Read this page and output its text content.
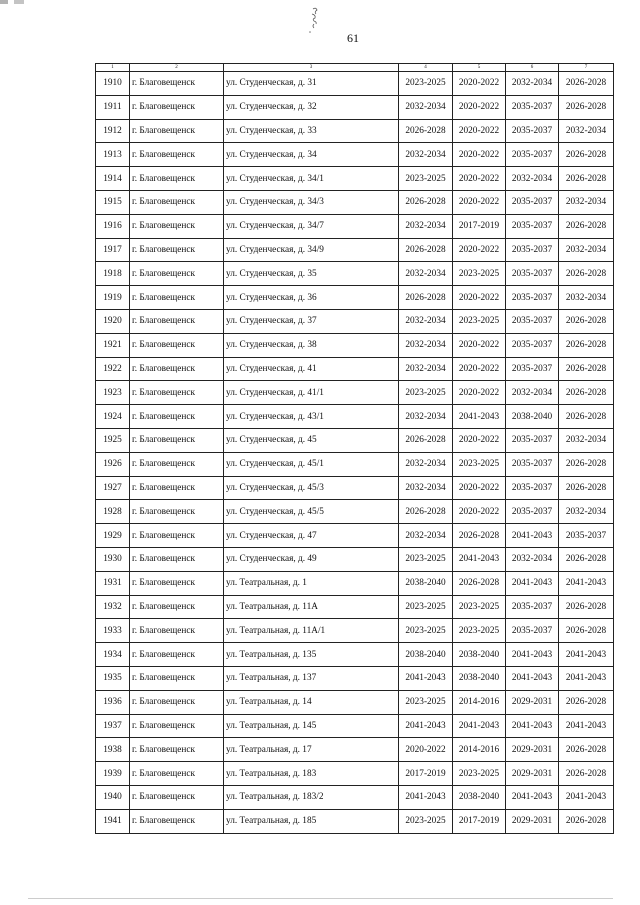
61
1	2	3	4	5	6	7
1910	г. Благовещенск	ул. Студенческая, д. 31	2023-2025	2020-2022	2032-2034	2026-2028
1911	г. Благовещенск	ул. Студенческая, д. 32	2032-2034	2020-2022	2035-2037	2026-2028
1912	г. Благовещенск	ул. Студенческая, д. 33	2026-2028	2020-2022	2035-2037	2032-2034
1913	г. Благовещенск	ул. Студенческая, д. 34	2032-2034	2020-2022	2035-2037	2026-2028
1914	г. Благовещенск	ул. Студенческая, д. 34/1	2023-2025	2020-2022	2032-2034	2026-2028
1915	г. Благовещенск	ул. Студенческая, д. 34/3	2026-2028	2020-2022	2035-2037	2032-2034
1916	г. Благовещенск	ул. Студенческая, д. 34/7	2032-2034	2017-2019	2035-2037	2026-2028
1917	г. Благовещенск	ул. Студенческая, д. 34/9	2026-2028	2020-2022	2035-2037	2032-2034
1918	г. Благовещенск	ул. Студенческая, д. 35	2032-2034	2023-2025	2035-2037	2026-2028
1919	г. Благовещенск	ул. Студенческая, д. 36	2026-2028	2020-2022	2035-2037	2032-2034
1920	г. Благовещенск	ул. Студенческая, д. 37	2032-2034	2023-2025	2035-2037	2026-2028
1921	г. Благовещенск	ул. Студенческая, д. 38	2032-2034	2020-2022	2035-2037	2026-2028
1922	г. Благовещенск	ул. Студенческая, д. 41	2032-2034	2020-2022	2035-2037	2026-2028
1923	г. Благовещенск	ул. Студенческая, д. 41/1	2023-2025	2020-2022	2032-2034	2026-2028
1924	г. Благовещенск	ул. Студенческая, д. 43/1	2032-2034	2041-2043	2038-2040	2026-2028
1925	г. Благовещенск	ул. Студенческая, д. 45	2026-2028	2020-2022	2035-2037	2032-2034
1926	г. Благовещенск	ул. Студенческая, д. 45/1	2032-2034	2023-2025	2035-2037	2026-2028
1927	г. Благовещенск	ул. Студенческая, д. 45/3	2032-2034	2020-2022	2035-2037	2026-2028
1928	г. Благовещенск	ул. Студенческая, д. 45/5	2026-2028	2020-2022	2035-2037	2032-2034
1929	г. Благовещенск	ул. Студенческая, д. 47	2032-2034	2026-2028	2041-2043	2035-2037
1930	г. Благовещенск	ул. Студенческая, д. 49	2023-2025	2041-2043	2032-2034	2026-2028
1931	г. Благовещенск	ул. Театральная, д. 1	2038-2040	2026-2028	2041-2043	2041-2043
1932	г. Благовещенск	ул. Театральная, д. 11А	2023-2025	2023-2025	2035-2037	2026-2028
1933	г. Благовещенск	ул. Театральная, д. 11А/1	2023-2025	2023-2025	2035-2037	2026-2028
1934	г. Благовещенск	ул. Театральная, д. 135	2038-2040	2038-2040	2041-2043	2041-2043
1935	г. Благовещенск	ул. Театральная, д. 137	2041-2043	2038-2040	2041-2043	2041-2043
1936	г. Благовещенск	ул. Театральная, д. 14	2023-2025	2014-2016	2029-2031	2026-2028
1937	г. Благовещенск	ул. Театральная, д. 145	2041-2043	2041-2043	2041-2043	2041-2043
1938	г. Благовещенск	ул. Театральная, д. 17	2020-2022	2014-2016	2029-2031	2026-2028
1939	г. Благовещенск	ул. Театральная, д. 183	2017-2019	2023-2025	2029-2031	2026-2028
1940	г. Благовещенск	ул. Театральная, д. 183/2	2041-2043	2038-2040	2041-2043	2041-2043
1941	г. Благовещенск	ул. Театральная, д. 185	2023-2025	2017-2019	2029-2031	2026-2028
